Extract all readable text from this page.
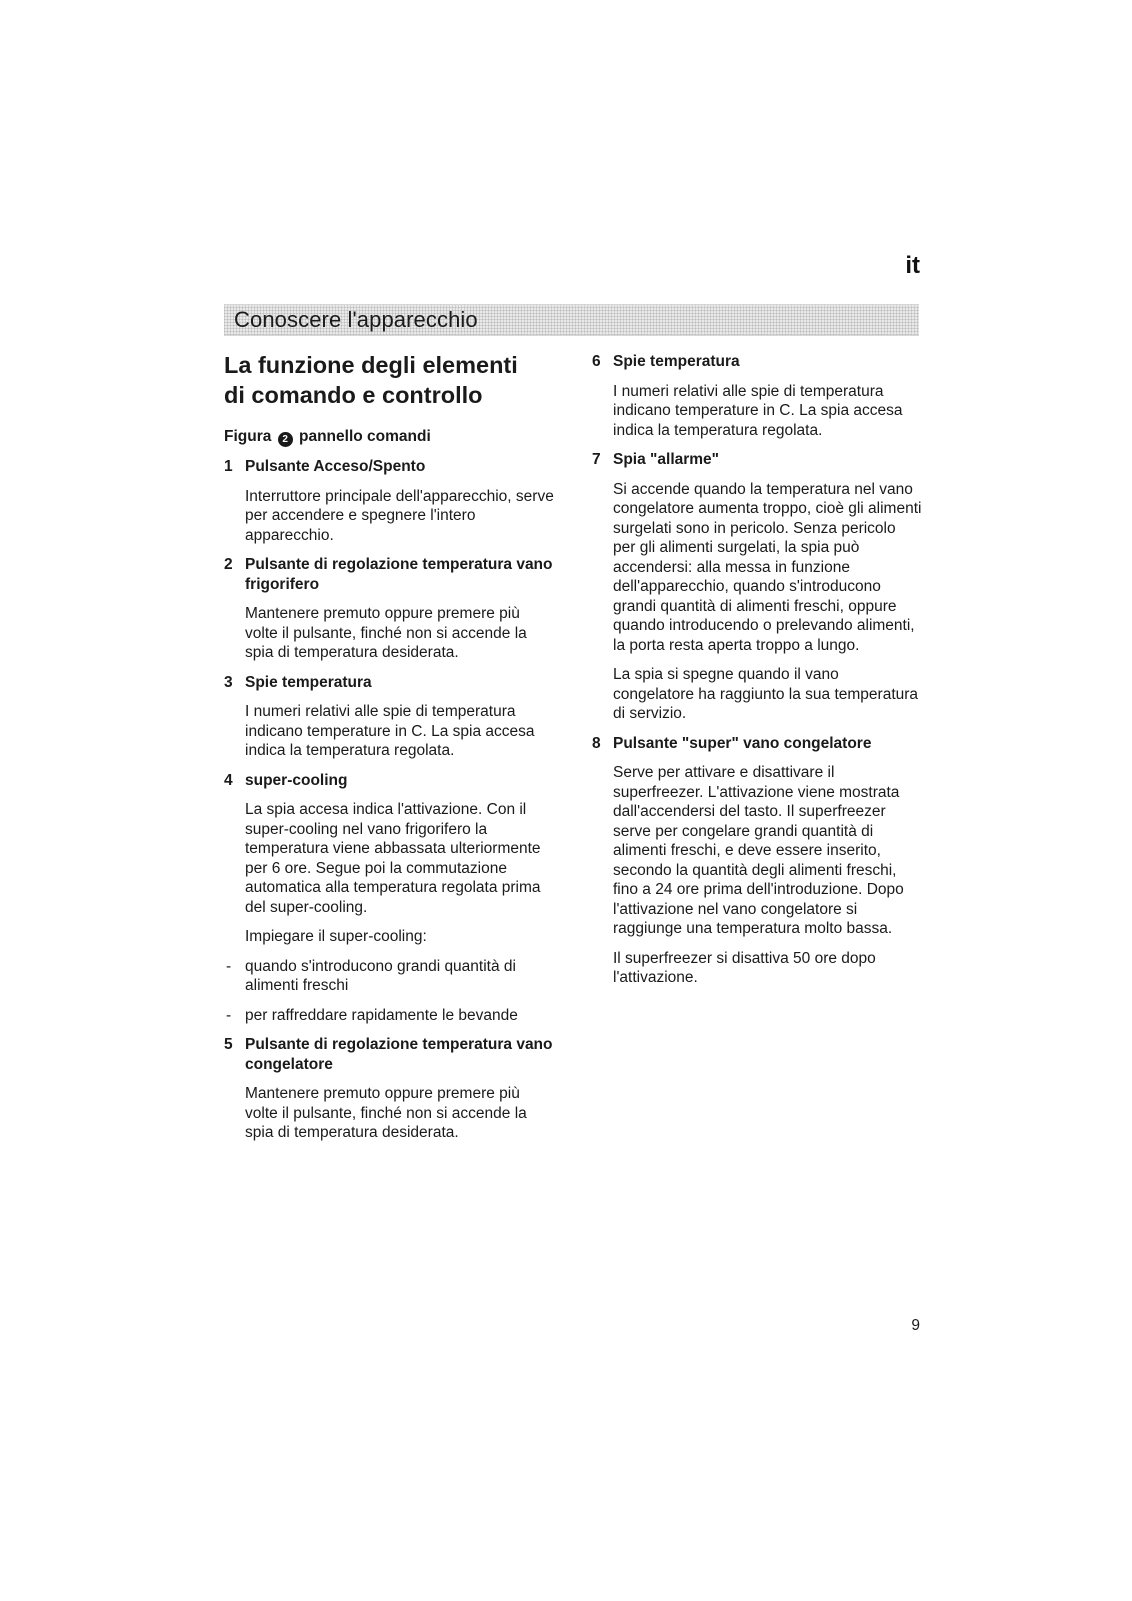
it
Conoscere l'apparecchio
La funzione degli elementi
di comando e controllo
Figura 2 pannello comandi
1 Pulsante Acceso/Spento
Interruttore principale dell'apparecchio, serve per accendere e spegnere l'intero apparecchio.
2 Pulsante di regolazione temperatura vano frigorifero
Mantenere premuto oppure premere più volte il pulsante, finché non si accende la spia di temperatura desiderata.
3 Spie temperatura
I numeri relativi alle spie di temperatura indicano temperature in C. La spia accesa indica la temperatura regolata.
4 super-cooling
La spia accesa indica l'attivazione. Con il super-cooling nel vano frigorifero la temperatura viene abbassata ulteriormente per 6 ore. Segue poi la commutazione automatica alla temperatura regolata prima del super-cooling.
Impiegare il super-cooling:
- quando s'introducono grandi quantità di alimenti freschi
- per raffreddare rapidamente le bevande
5 Pulsante di regolazione temperatura vano congelatore
Mantenere premuto oppure premere più volte il pulsante, finché non si accende la spia di temperatura desiderata.
6 Spie temperatura
I numeri relativi alle spie di temperatura indicano temperature in C. La spia accesa indica la temperatura regolata.
7 Spia "allarme"
Si accende quando la temperatura nel vano congelatore aumenta troppo, cioè gli alimenti surgelati sono in pericolo. Senza pericolo per gli alimenti surgelati, la spia può accendersi: alla messa in funzione dell'apparecchio, quando s'introducono grandi quantità di alimenti freschi, oppure quando introducendo o prelevando alimenti, la porta resta aperta troppo a lungo.
La spia si spegne quando il vano congelatore ha raggiunto la sua temperatura di servizio.
8 Pulsante "super" vano congelatore
Serve per attivare e disattivare il superfreezer. L'attivazione viene mostrata dall'accendersi del tasto. Il superfreezer serve per congelare grandi quantità di alimenti freschi, e deve essere inserito, secondo la quantità degli alimenti freschi, fino a 24 ore prima dell'introduzione. Dopo l'attivazione nel vano congelatore si raggiunge una temperatura molto bassa.
Il superfreezer si disattiva 50 ore dopo l'attivazione.
9
